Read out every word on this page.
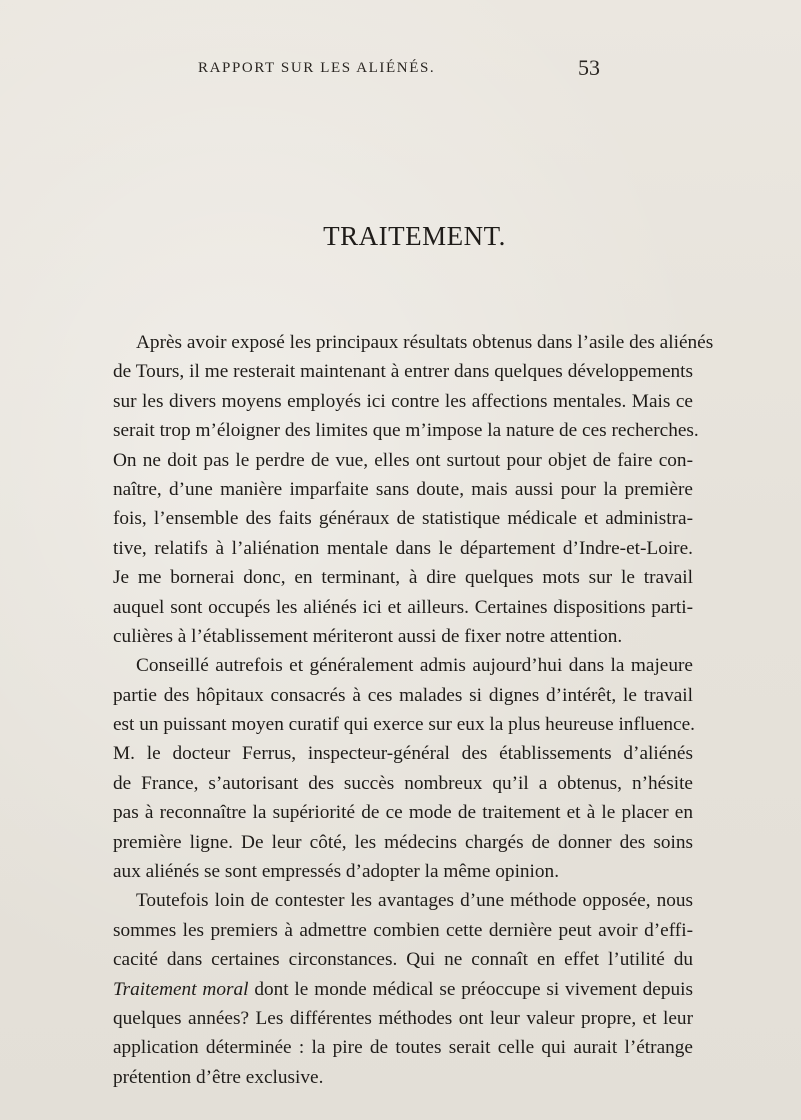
RAPPORT SUR LES ALIÉNÉS.	53
TRAITEMENT.
Après avoir exposé les principaux résultats obtenus dans l’asile des aliénés
de Tours, il me resterait maintenant à entrer dans quelques développements
sur les divers moyens employés ici contre les affections mentales. Mais ce
serait trop m’éloigner des limites que m’impose la nature de ces recherches.
On ne doit pas le perdre de vue, elles ont surtout pour objet de faire con-
naître, d’une manière imparfaite sans doute, mais aussi pour la première
fois, l’ensemble des faits généraux de statistique médicale et administra-
tive, relatifs à l’aliénation mentale dans le département d’Indre-et-Loire.
Je me bornerai donc, en terminant, à dire quelques mots sur le travail
auquel sont occupés les aliénés ici et ailleurs. Certaines dispositions parti-
culières à l’établissement mériteront aussi de fixer notre attention.
Conseillé autrefois et généralement admis aujourd’hui dans la majeure
partie des hôpitaux consacrés à ces malades si dignes d’intérêt, le travail
est un puissant moyen curatif qui exerce sur eux la plus heureuse influence.
M. le docteur Ferrus, inspecteur-général des établissements d’aliénés
de France, s’autorisant des succès nombreux qu’il a obtenus, n’hésite
pas à reconnaître la supériorité de ce mode de traitement et à le placer en
première ligne. De leur côté, les médecins chargés de donner des soins
aux aliénés se sont empressés d’adopter la même opinion.
Toutefois loin de contester les avantages d’une méthode opposée, nous
sommes les premiers à admettre combien cette dernière peut avoir d’effi-
cacité dans certaines circonstances. Qui ne connaît en effet l’utilité du
Traitement moral dont le monde médical se préoccupe si vivement depuis
quelques années? Les différentes méthodes ont leur valeur propre, et leur
application déterminée : la pire de toutes serait celle qui aurait l’étrange
prétention d’être exclusive.
